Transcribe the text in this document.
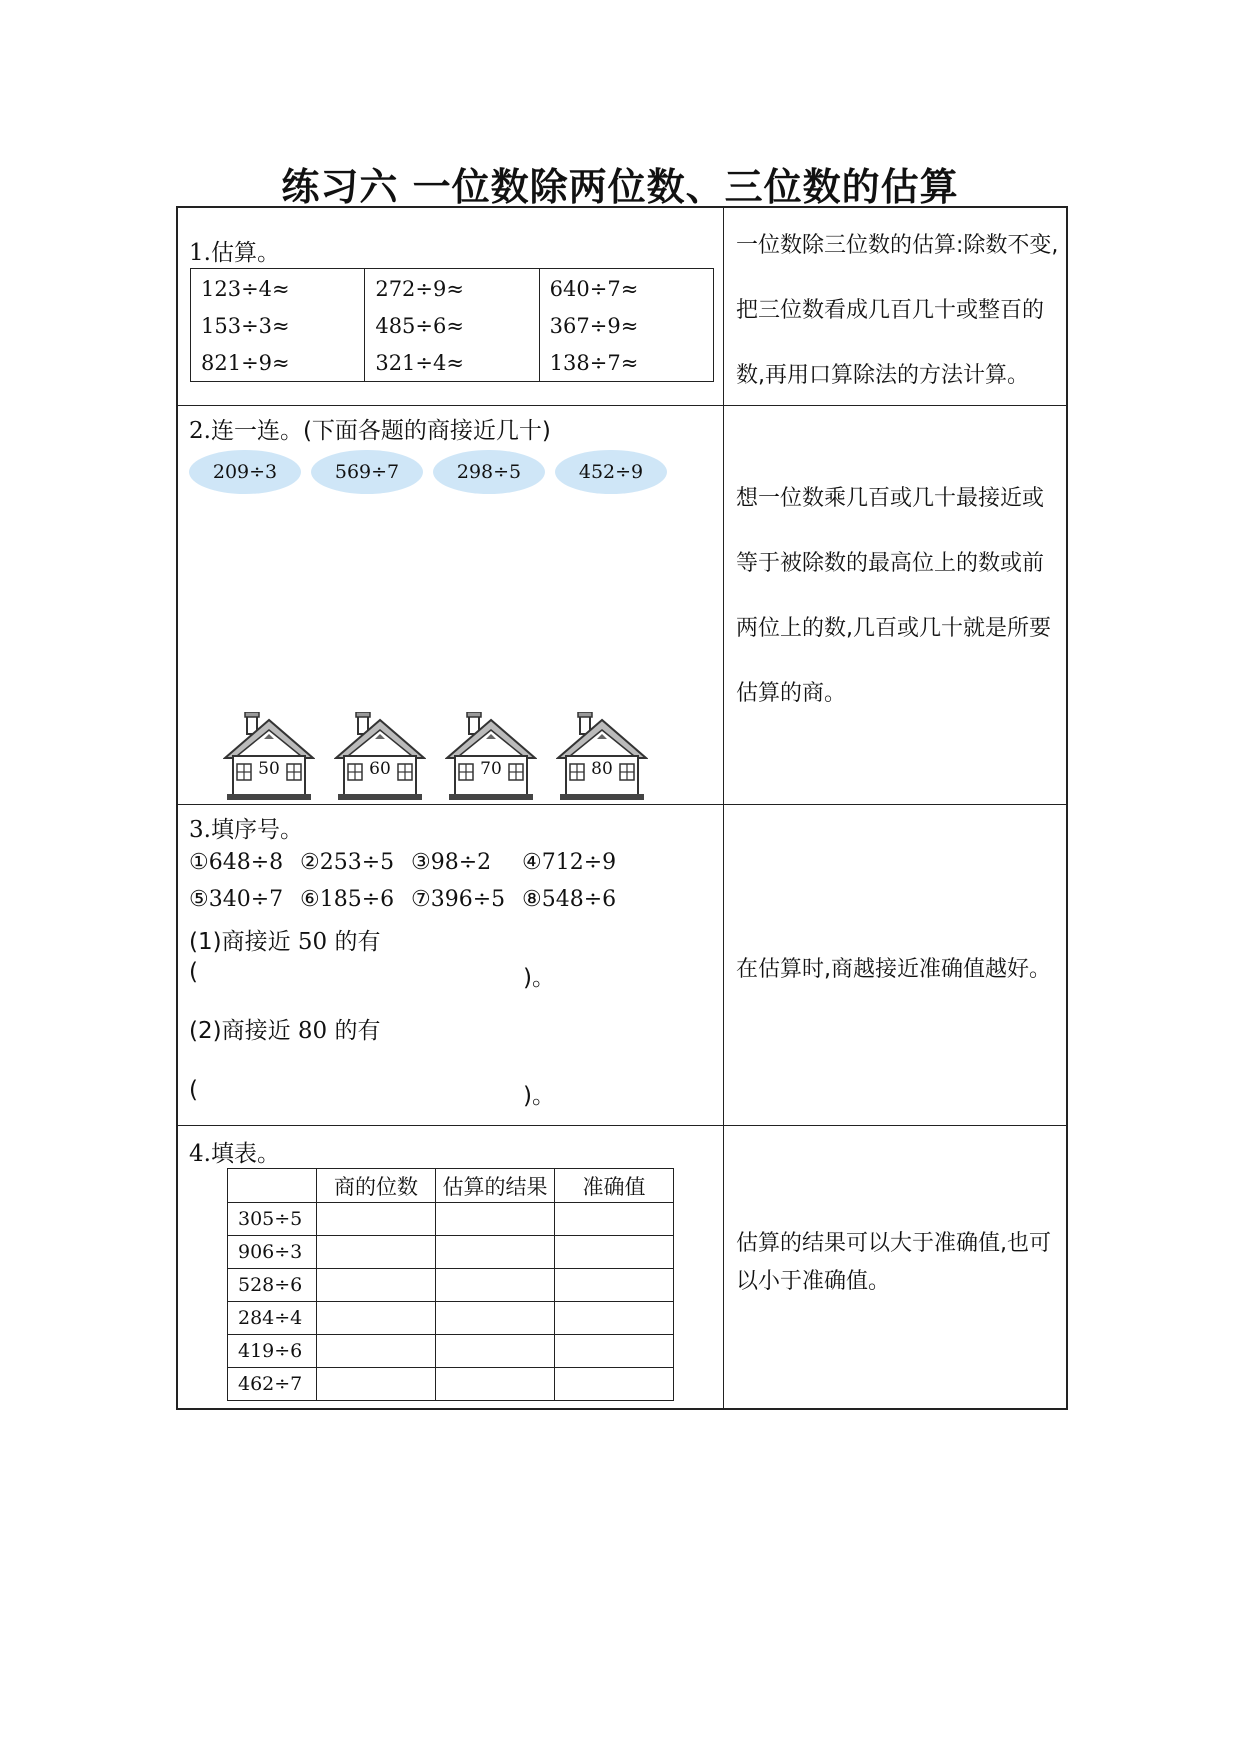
练习六 一位数除两位数、三位数的估算
1.估算。
123÷4≈
153÷3≈
821÷9≈
272÷9≈
485÷6≈
321÷4≈
640÷7≈
367÷9≈
138÷7≈
一位数除三位数的估算:除数不变,
把三位数看成几百几十或整百的
数,再用口算除法的方法计算。
2.连一连。(下面各题的商接近几十)
209÷3	569÷7	298÷5	452÷9
50	60	70	80
想一位数乘几百或几十最接近或
等于被除数的最高位上的数或前
两位上的数,几百或几十就是所要
估算的商。
3.填序号。
①648÷8 ②253÷5 ③98÷2 ④712÷9
⑤340÷7 ⑥185÷6 ⑦396÷5 ⑧548÷6
(1)商接近 50 的有
(	)。
(2)商接近 80 的有
(	)。
在估算时,商越接近准确值越好。
4.填表。
	商的位数	估算的结果	准确值
305÷5			
906÷3			
528÷6			
284÷4			
419÷6			
462÷7			
估算的结果可以大于准确值,也可
以小于准确值。
